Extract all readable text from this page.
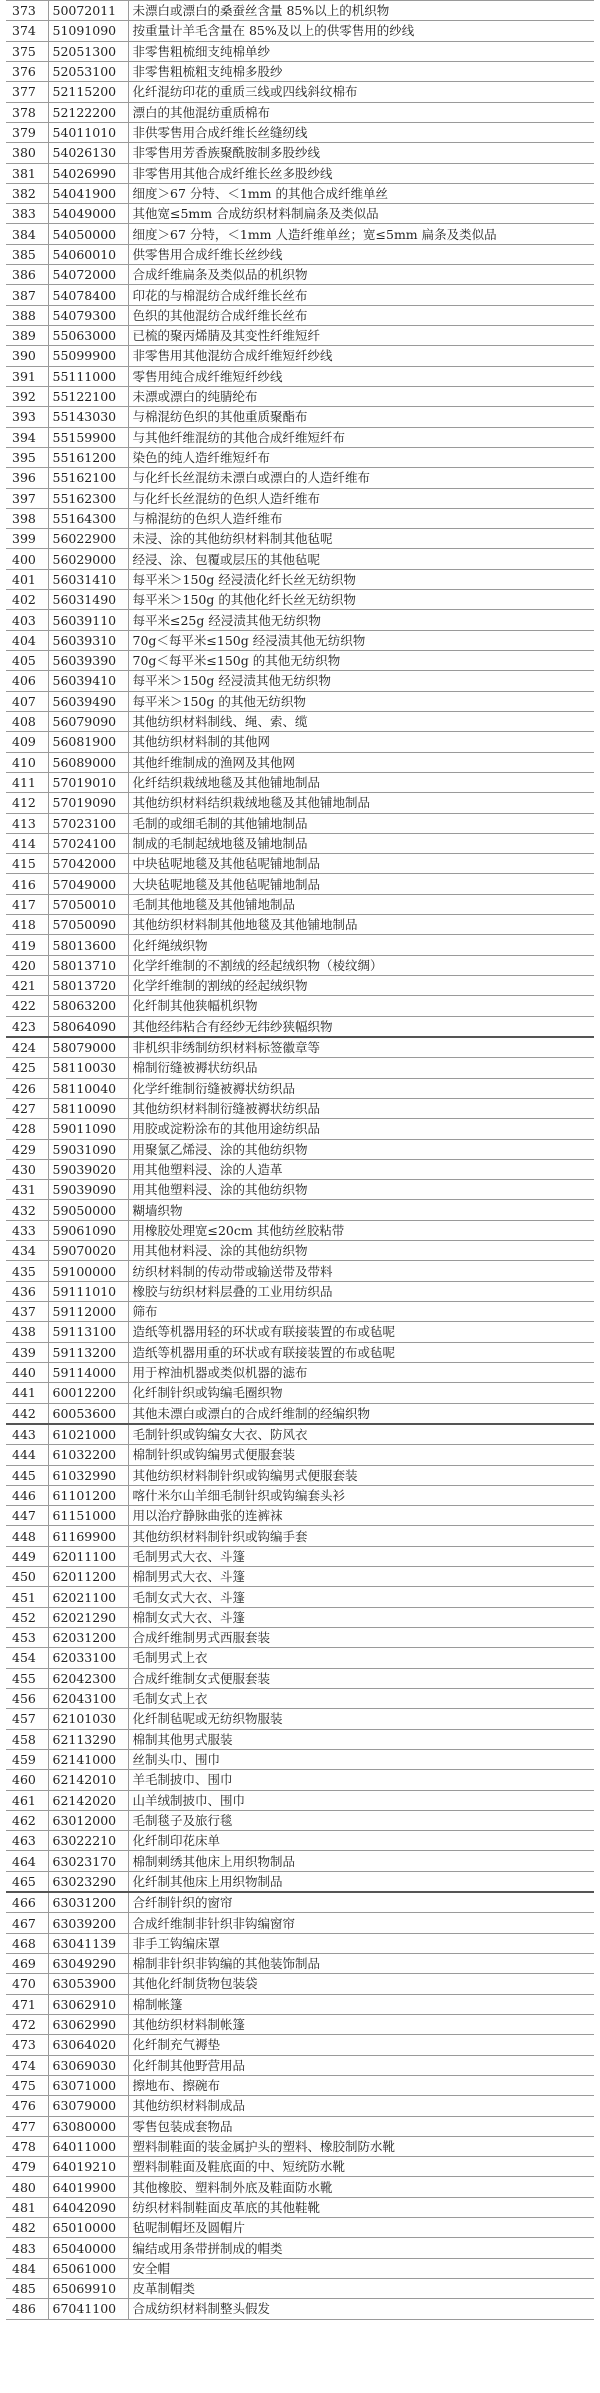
373	50072011	未漂白或漂白的桑蚕丝含量 85%以上的机织物
374	51091090	按重量计羊毛含量在 85%及以上的供零售用的纱线
375	52051300	非零售粗梳细支纯棉单纱
376	52053100	非零售粗梳粗支纯棉多股纱
377	52115200	化纤混纺印花的重质三线或四线斜纹棉布
378	52122200	漂白的其他混纺重质棉布
379	54011010	非供零售用合成纤维长丝缝纫线
380	54026130	非零售用芳香族聚酰胺制多股纱线
381	54026990	非零售用其他合成纤维长丝多股纱线
382	54041900	细度＞67 分特、＜1mm 的其他合成纤维单丝
383	54049000	其他宽≤5mm 合成纺织材料制扁条及类似品
384	54050000	细度＞67 分特，＜1mm 人造纤维单丝；宽≤5mm 扁条及类似品
385	54060010	供零售用合成纤维长丝纱线
386	54072000	合成纤维扁条及类似品的机织物
387	54078400	印花的与棉混纺合成纤维长丝布
388	54079300	色织的其他混纺合成纤维长丝布
389	55063000	已梳的聚丙烯腈及其变性纤维短纤
390	55099900	非零售用其他混纺合成纤维短纤纱线
391	55111000	零售用纯合成纤维短纤纱线
392	55122100	未漂或漂白的纯腈纶布
393	55143030	与棉混纺色织的其他重质聚酯布
394	55159900	与其他纤维混纺的其他合成纤维短纤布
395	55161200	染色的纯人造纤维短纤布
396	55162100	与化纤长丝混纺未漂白或漂白的人造纤维布
397	55162300	与化纤长丝混纺的色织人造纤维布
398	55164300	与棉混纺的色织人造纤维布
399	56022900	未浸、涂的其他纺织材料制其他毡呢
400	56029000	经浸、涂、包覆或层压的其他毡呢
401	56031410	每平米＞150g 经浸渍化纤长丝无纺织物
402	56031490	每平米＞150g 的其他化纤长丝无纺织物
403	56039110	每平米≤25g 经浸渍其他无纺织物
404	56039310	70g＜每平米≤150g 经浸渍其他无纺织物
405	56039390	70g＜每平米≤150g 的其他无纺织物
406	56039410	每平米＞150g 经浸渍其他无纺织物
407	56039490	每平米＞150g 的其他无纺织物
408	56079090	其他纺织材料制线、绳、索、缆
409	56081900	其他纺织材料制的其他网
410	56089000	其他纤维制成的渔网及其他网
411	57019010	化纤结织栽绒地毯及其他铺地制品
412	57019090	其他纺织材料结织栽绒地毯及其他铺地制品
413	57023100	毛制的或细毛制的其他铺地制品
414	57024100	制成的毛制起绒地毯及铺地制品
415	57042000	中块毡呢地毯及其他毡呢铺地制品
416	57049000	大块毡呢地毯及其他毡呢铺地制品
417	57050010	毛制其他地毯及其他铺地制品
418	57050090	其他纺织材料制其他地毯及其他铺地制品
419	58013600	化纤绳绒织物
420	58013710	化学纤维制的不割绒的经起绒织物（棱纹绸）
421	58013720	化学纤维制的割绒的经起绒织物
422	58063200	化纤制其他狭幅机织物
423	58064090	其他经纬粘合有经纱无纬纱狭幅织物
424	58079000	非机织非绣制纺织材料标签徽章等
425	58110030	棉制衍缝被褥状纺织品
426	58110040	化学纤维制衍缝被褥状纺织品
427	58110090	其他纺织材料制衍缝被褥状纺织品
428	59011090	用胶或淀粉涂布的其他用途纺织品
429	59031090	用聚氯乙烯浸、涂的其他纺织物
430	59039020	用其他塑料浸、涂的人造革
431	59039090	用其他塑料浸、涂的其他纺织物
432	59050000	糊墙织物
433	59061090	用橡胶处理宽≤20cm 其他纺丝胶粘带
434	59070020	用其他材料浸、涂的其他纺织物
435	59100000	纺织材料制的传动带或输送带及带料
436	59111010	橡胶与纺织材料层叠的工业用纺织品
437	59112000	筛布
438	59113100	造纸等机器用轻的环状或有联接装置的布或毡呢
439	59113200	造纸等机器用重的环状或有联接装置的布或毡呢
440	59114000	用于榨油机器或类似机器的滤布
441	60012200	化纤制针织或钩编毛圈织物
442	60053600	其他未漂白或漂白的合成纤维制的经编织物
443	61021000	毛制针织或钩编女大衣、防风衣
444	61032200	棉制针织或钩编男式便服套装
445	61032990	其他纺织材料制针织或钩编男式便服套装
446	61101200	喀什米尔山羊细毛制针织或钩编套头衫
447	61151000	用以治疗静脉曲张的连裤袜
448	61169900	其他纺织材料制针织或钩编手套
449	62011100	毛制男式大衣、斗篷
450	62011200	棉制男式大衣、斗篷
451	62021100	毛制女式大衣、斗篷
452	62021290	棉制女式大衣、斗篷
453	62031200	合成纤维制男式西服套装
454	62033100	毛制男式上衣
455	62042300	合成纤维制女式便服套装
456	62043100	毛制女式上衣
457	62101030	化纤制毡呢或无纺织物服装
458	62113290	棉制其他男式服装
459	62141000	丝制头巾、围巾
460	62142010	羊毛制披巾、围巾
461	62142020	山羊绒制披巾、围巾
462	63012000	毛制毯子及旅行毯
463	63022210	化纤制印花床单
464	63023170	棉制刺绣其他床上用织物制品
465	63023290	化纤制其他床上用织物制品
466	63031200	合纤制针织的窗帘
467	63039200	合成纤维制非针织非钩编窗帘
468	63041139	非手工钩编床罩
469	63049290	棉制非针织非钩编的其他装饰制品
470	63053900	其他化纤制货物包装袋
471	63062910	棉制帐篷
472	63062990	其他纺织材料制帐篷
473	63064020	化纤制充气褥垫
474	63069030	化纤制其他野营用品
475	63071000	擦地布、擦碗布
476	63079000	其他纺织材料制成品
477	63080000	零售包装成套物品
478	64011000	塑料制鞋面的装金属护头的塑料、橡胶制防水靴
479	64019210	塑料制鞋面及鞋底面的中、短统防水靴
480	64019900	其他橡胶、塑料制外底及鞋面防水靴
481	64042090	纺织材料制鞋面皮革底的其他鞋靴
482	65010000	毡呢制帽坯及圆帽片
483	65040000	编结或用条带拼制成的帽类
484	65061000	安全帽
485	65069910	皮革制帽类
486	67041100	合成纺织材料制整头假发
